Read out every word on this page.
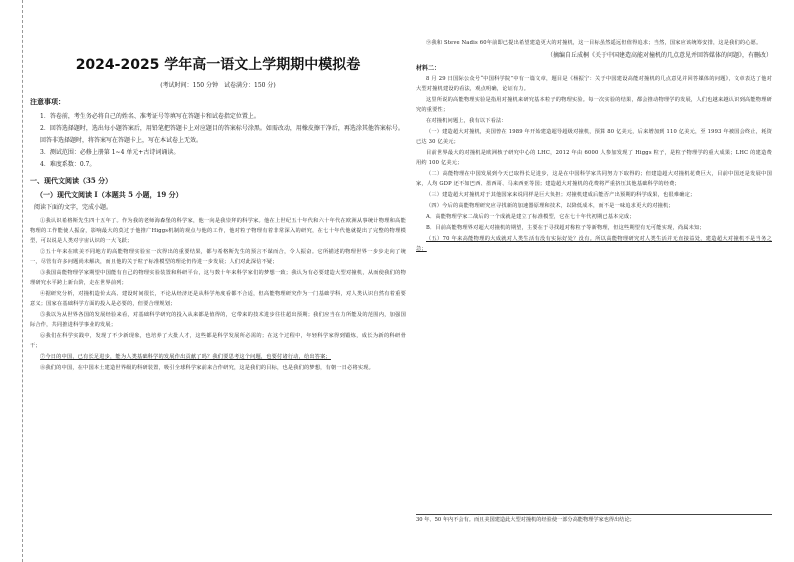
2024-2025 学年高一语文上学期期中模拟卷
(考试时间：150 分钟　试卷满分：150 分)
注意事项：

1．答卷前，考生务必将自己的姓名、准考证号等填写在答题卡和试卷指定位置上。

2．回答选择题时，选出每小题答案后，用铅笔把答题卡上对应题目的答案标号涂黑。如需改动，用橡皮擦干净后，再选涂其他答案标号。回答非选择题时，将答案写在答题卡上，写在本试卷上无效。

3．测试范围：必修上册第 1~4 单元+古诗词诵读。

4．难度系数：0.7。

一、现代文阅读（35 分）
（一）现代文阅读 I（本题共 5 小题，19 分）
阅读下面的文字，完成小题。

①我认识希格斯先生四十五年了。作为我的老师海森堡的科学家，他一向是我崇拜的科学家。他在上世纪五十年代和六十年代在欧洲从事统计物理和高能物理的工作能使人振奋，影响最大的莫过于他推广Higgs机制的观点与他的工作，他对粒子物理有着非常深入的研究，在七十年代他就提出了完整的物理模型，可以说是人类对宇宙认识的一大飞跃；

②五十年来在欧美不同地方的高能物理实验室一次得出的重要结果，都与希格斯先生的预言不谋而合，令人振奋。它所描述的物理世界一步步走向了统一，尽管有许多问题尚未解决，而且他的关于粒子标准模型的理论仍待进一步发展；人们对此深信不疑；

③我国高能物理学家期望中国能有自己的物理实验装置和科研平台，这与数十年来科学家们的梦想一致；我认为有必要建造大型对撞机，从而使我们的物理研究水平跨上新台阶，走在世界前列；

④据研究分析，对撞机造价太高、建设时间很长，不论从经济还是从科学角度看都不合适，但高能物理研究作为一门基础学科，对人类认识自然有着重要意义；国家在基础科学方面的投入是必要的，但要合理规划；

⑤我以为从世界各国的发展经验来看，对基础科学研究的投入从来都是值得的，它带来的技术进步往往超出预期；我们应当在力所能及的范围内，加强国际合作，共同推进科学事业的发展；

⑥我们在科学实践中，发现了不少新现象，也培养了大批人才，这些都是科学发展所必需的；在这个过程中，年轻科学家得到锻炼，成长为新的科研骨干；

⑦今日的中国，已有长足进步，能为人类基础科学的发展作出贡献了吗？我们要思考这个问题，也要付诸行动，给出答案；

⑧我们的中国，在中国本土建造世界级的科研装置，吸引全球科学家前来合作研究，这是我们的目标，也是我们的梦想，有朝一日必将实现。

⑨我和 Steve Nadis 60年前即已提出希望建造更大的对撞机，这一目标虽然遥远但值得追求；当然，国家应该统筹安排，这是我们的心愿。

（摘编自丘成桐《关于中国建造高能对撞机的几点意见并回答媒体的问题》，有删改）
材料二：

8 月 29 日国际公众号“中国科学院”中有一篇文章，题目是《杨振宁：关于中国建设高能对撞机的几点意见并回答媒体的问题》，文章表达了他对大型对撞机建设的看法，观点明确，论证有力。

这里所说的高能物理实验是指用对撞机来研究基本粒子的物理实验。每一次实验的结果，都会推动物理学的发展，人们也越来越认识到高能物理研究的重要性；

在对撞机问题上，我有以下看法：

（一）建造超大对撞机，美国曾在 1989 年开始建造超导超级对撞机，预算 80 亿美元，后来增加到 110 亿美元，至 1993 年被国会终止，耗资已达 30 亿美元；

目前世界最大的对撞机是欧洲核子研究中心的 LHC，2012 年由 6000 人参加发现了 Higgs 粒子，是粒子物理学的重大成果；LHC 的建造费用约 100 亿美元；

（二）高能物理在中国发展到今天已取得长足进步，这是在中国科学家共同努力下取得的；但建造超大对撞机花费巨大，目前中国还是发展中国家，人均 GDP 还不如巴西、墨西哥、马来西亚等国；建造超大对撞机的花费将严重挤压其他基础科学的经费；

（三）建造超大对撞机对于其他国家来说同样是巨大负担；对撞机建成后能否产出预期的科学成果，也很难确定；

（四）今后的高能物理研究应寻找新的加速器原理和技术，以降低成本，而不是一味追求更大的对撞机；

A．高能物理学家二战后的一个成就是建立了标准模型，它在七十年代初期已基本完成；

B．目前高能物理界对超大对撞机的期望，主要在于寻找超对称粒子等新物理，但这些期望有无可能实现，尚属未知；

（五）70 年来高能物理的大成就对人类生活有没有实际好处？没有。所以高能物理研究对人类生活并无直接益处，建造超大对撞机不是当务之急；

30 年、50 年内不会有。而且美国建造此大型对撞机的经验使一部分高能物理学家也得出结论；
